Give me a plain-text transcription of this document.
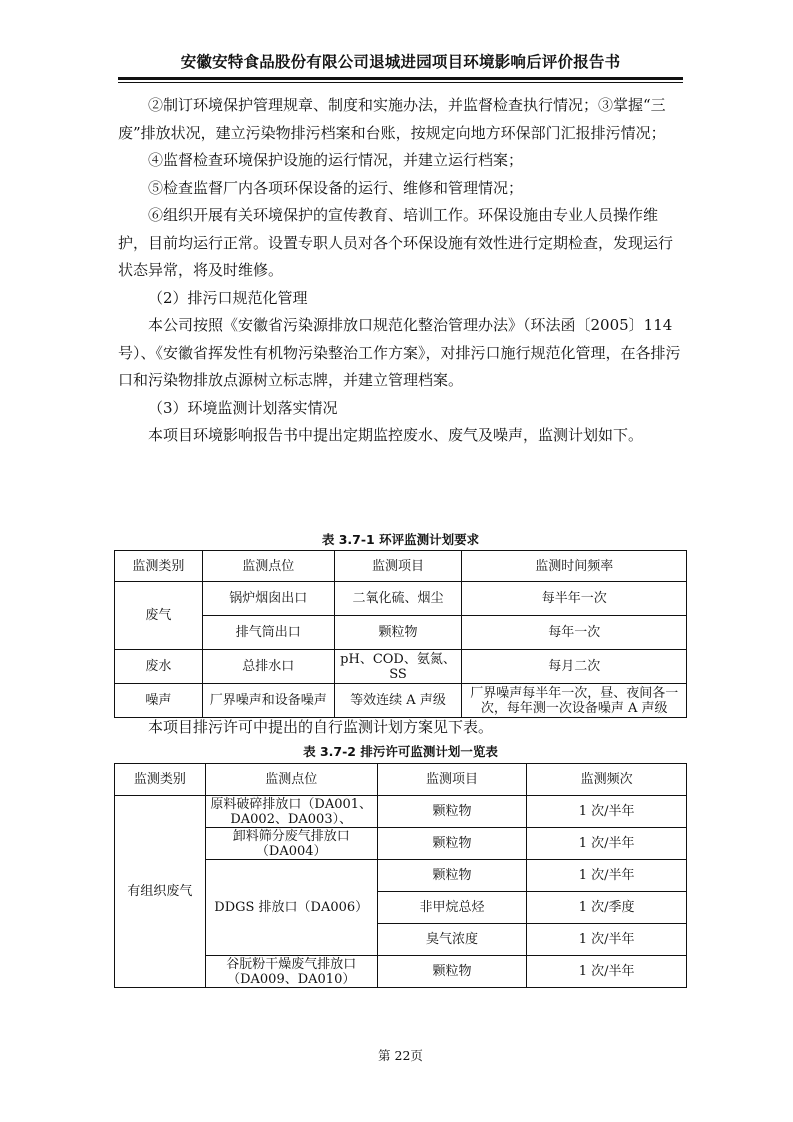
安徽安特食品股份有限公司退城进园项目环境影响后评价报告书

②制订环境保护管理规章、制度和实施办法，并监督检查执行情况；③掌握“三废”排放状况，建立污染物排污档案和台账，按规定向地方环保部门汇报排污情况；

④监督检查环境保护设施的运行情况，并建立运行档案；

⑤检查监督厂内各项环保设备的运行、维修和管理情况；

⑥组织开展有关环境保护的宣传教育、培训工作。环保设施由专业人员操作维护，目前均运行正常。设置专职人员对各个环保设施有效性进行定期检查，发现运行状态异常，将及时维修。

（2）排污口规范化管理

本公司按照《安徽省污染源排放口规范化整治管理办法》（环法函〔2005〕114 号）、《安徽省挥发性有机物污染整治工作方案》，对排污口施行规范化管理，在各排污口和污染物排放点源树立标志牌，并建立管理档案。

（3）环境监测计划落实情况

本项目环境影响报告书中提出定期监控废水、废气及噪声，监测计划如下。

表 3.7-1 环评监测计划要求
监测类别	监测点位	监测项目	监测时间频率
废气	锅炉烟囱出口	二氧化硫、烟尘	每半年一次
	排气筒出口	颗粒物	每年一次
废水	总排水口	pH、COD、氨氮、SS	每月二次
噪声	厂界噪声和设备噪声	等效连续 A 声级	厂界噪声每半年一次，昼、夜间各一次，每年测一次设备噪声 A 声级
本项目排污许可中提出的自行监测计划方案见下表。
表 3.7-2 排污许可监测计划一览表
监测类别	监测点位	监测项目	监测频次
有组织废气	原料破碎排放口（DA001、DA002、DA003）、	颗粒物	1 次/半年
	卸料筛分废气排放口（DA004）	颗粒物	1 次/半年
	DDGS 排放口（DA006）	颗粒物	1 次/半年
		非甲烷总烃	1 次/季度
		臭气浓度	1 次/半年
	谷朊粉干燥废气排放口（DA009、DA010）	颗粒物	1 次/半年
第 22页
